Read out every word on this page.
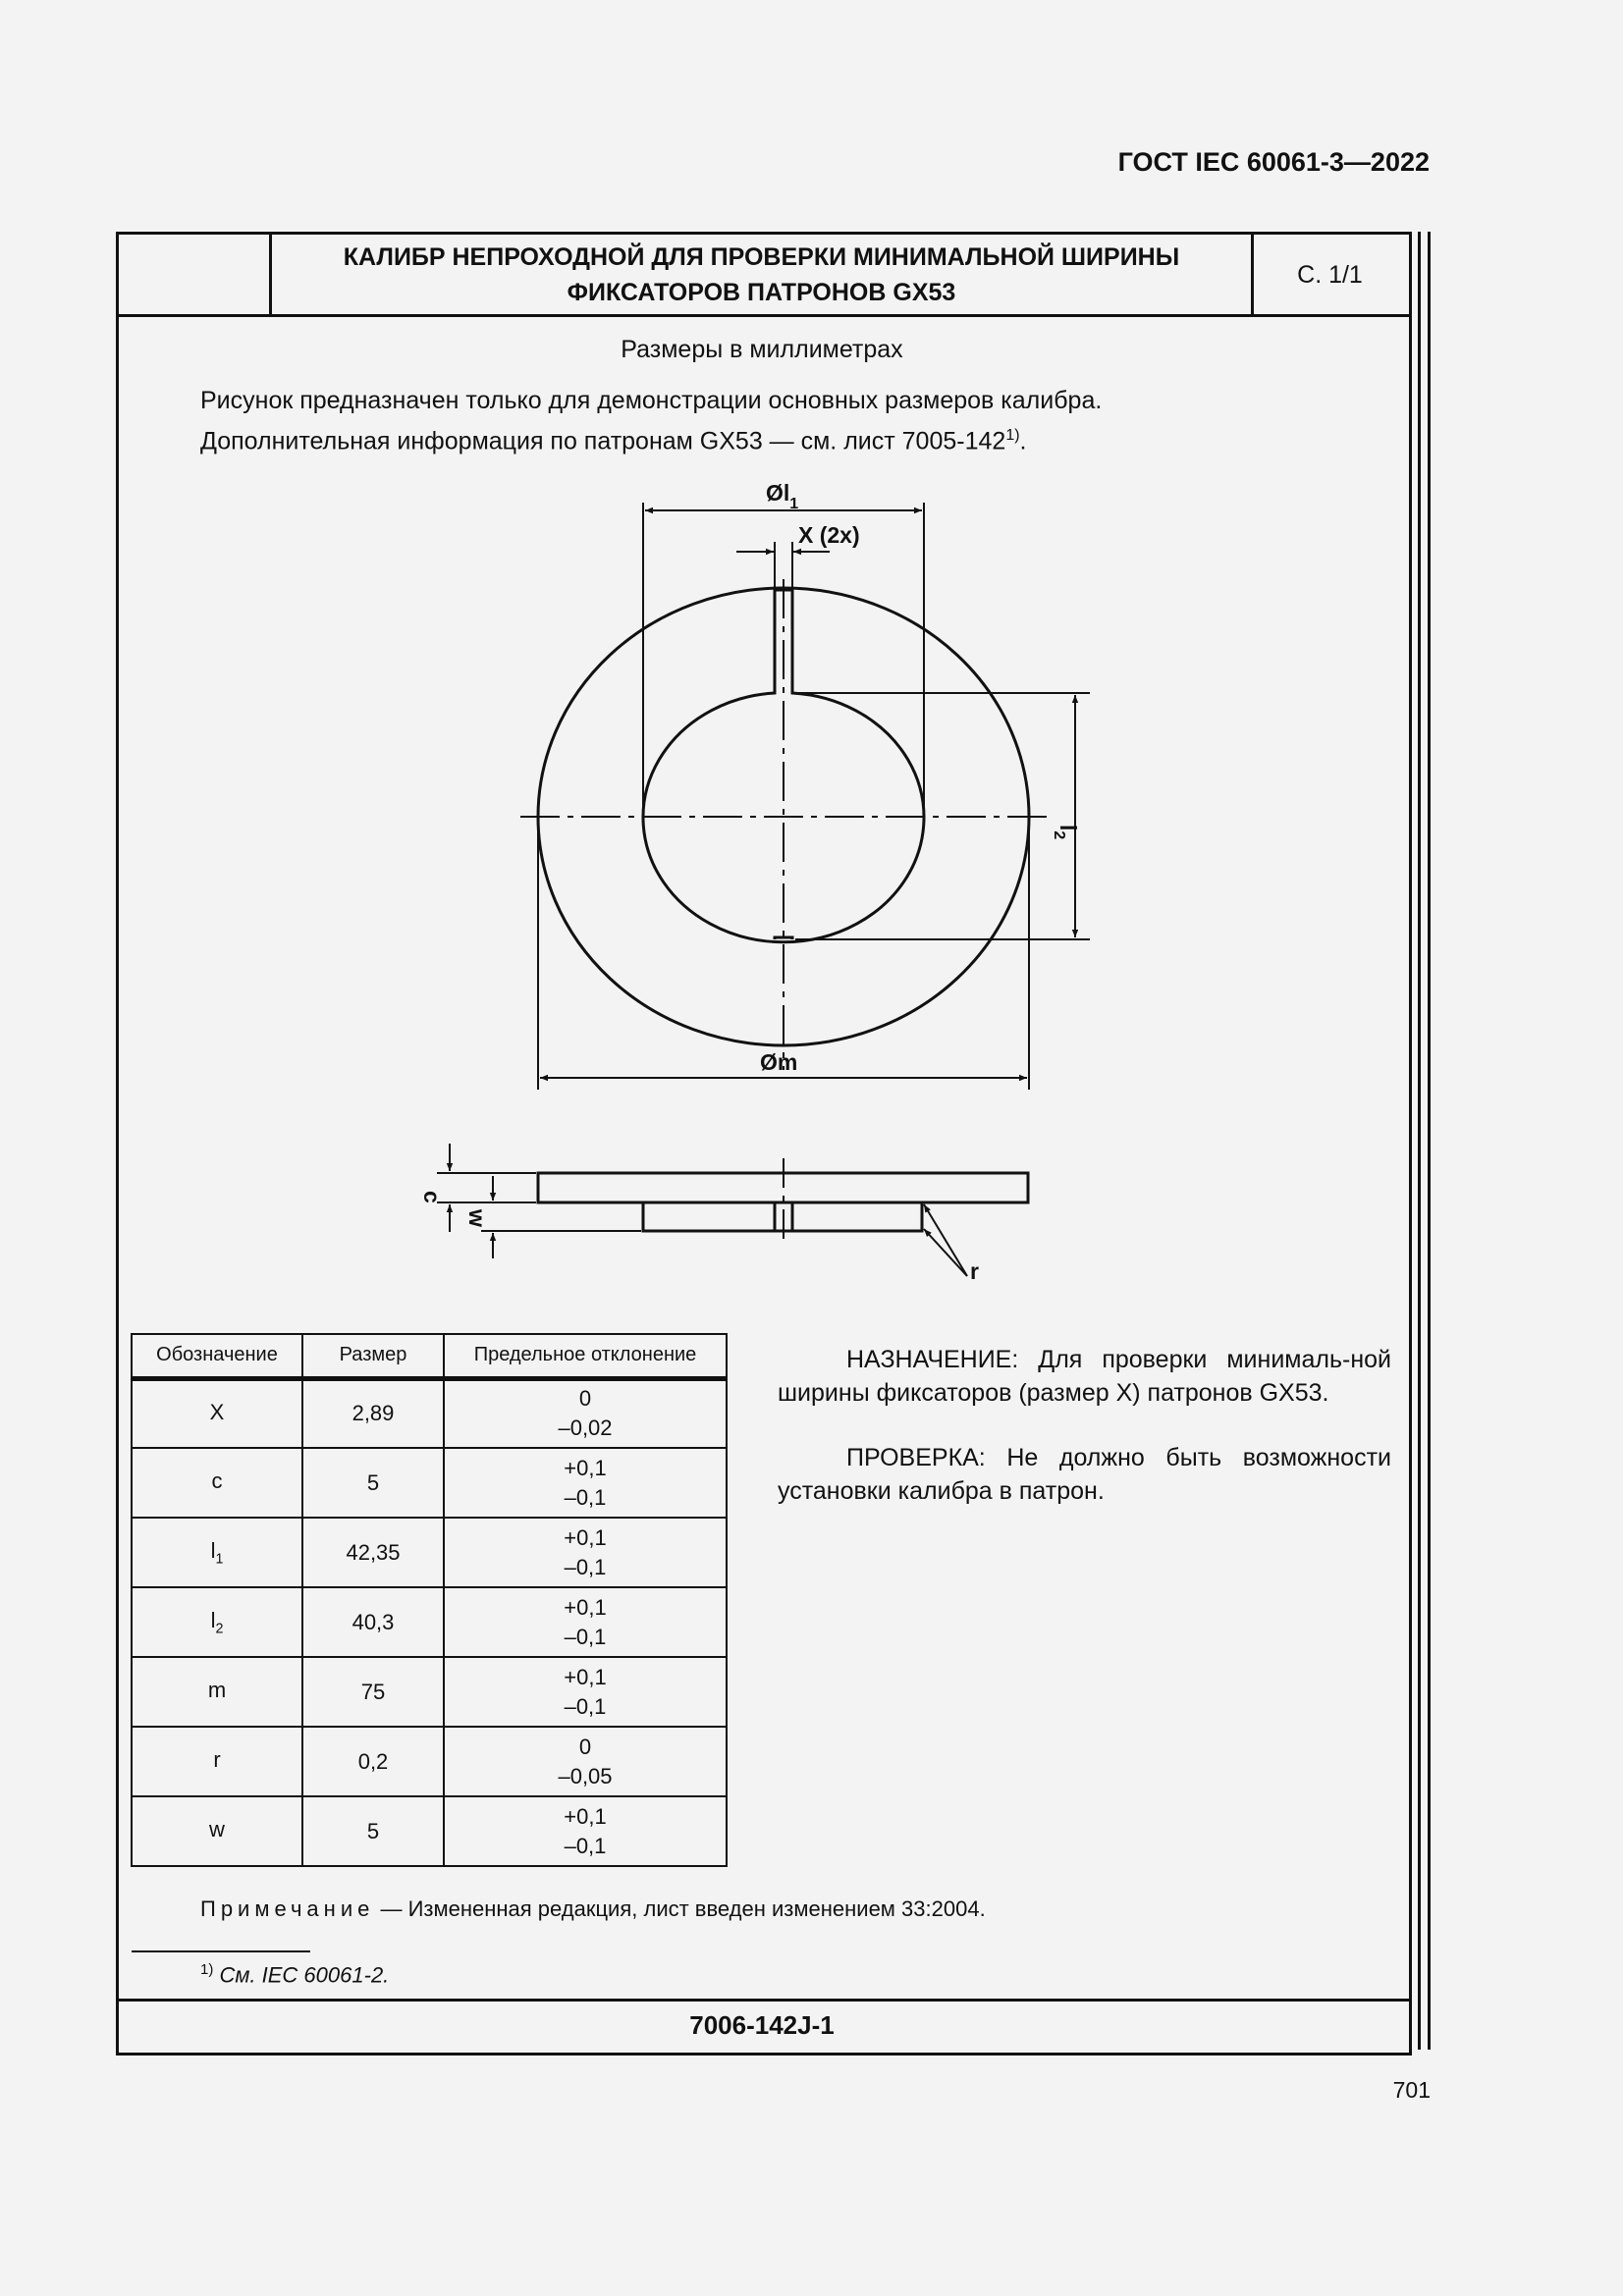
ГОСТ IEC 60061-3—2022
КАЛИБР НЕПРОХОДНОЙ ДЛЯ ПРОВЕРКИ МИНИМАЛЬНОЙ ШИРИНЫ
ФИКСАТОРОВ ПАТРОНОВ GX53
С. 1/1
Размеры в миллиметрах
Рисунок предназначен только для демонстрации основных размеров калибра.
Дополнительная информация по патронам GX53 — см. лист 7005-142$^{1)}$.
$Øl_1$
X (2x)
$l_2$
Øm
c
w
r
Обозначение	Размер	Предельное отклонение
X	2,89	0
–0,02

c	5	+0,1
–0,1

$l_1$	42,35	+0,1
–0,1

$l_2$	40,3	+0,1
–0,1

m	75	+0,1
–0,1

r	0,2	0
–0,05

w	5	+0,1
–0,1

НАЗНАЧЕНИЕ: Для проверки минималь-ной ширины фиксаторов (размер X) патронов GX53.

ПРОВЕРКА: Не должно быть возможности установки калибра в патрон.

Примечание — Измененная редакция, лист введен изменением 33:2004.
$^{1)}$ См. IEC 60061-2.
7006-142J-1
701
